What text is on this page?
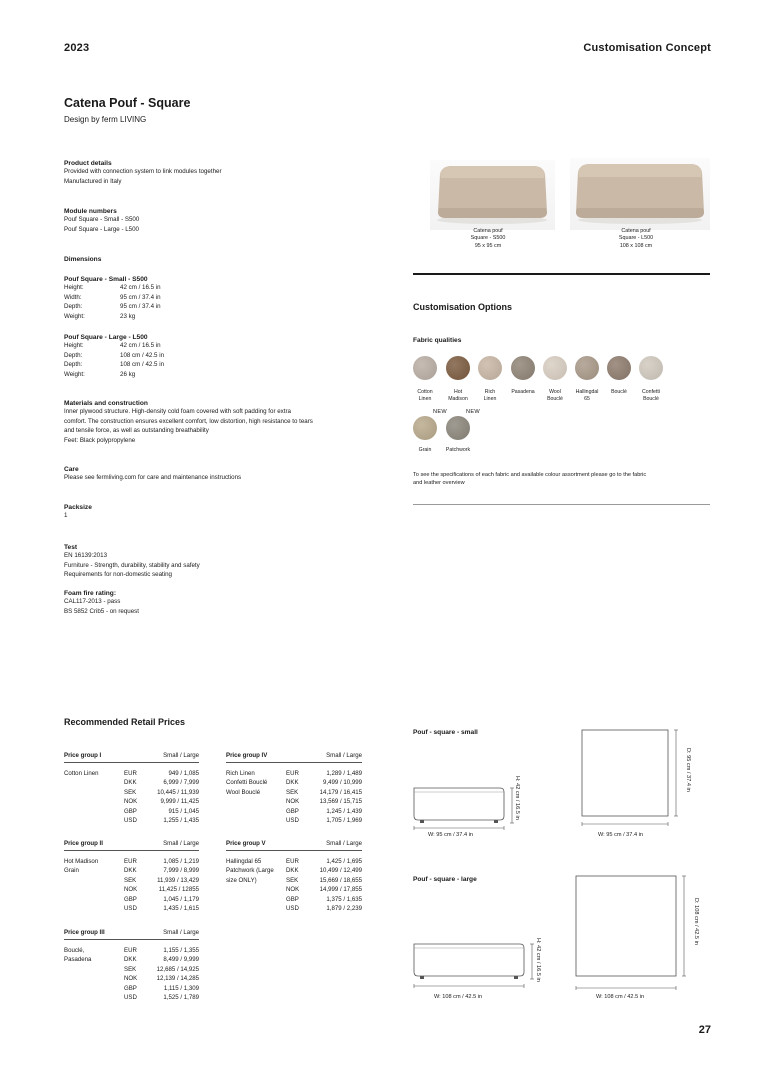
2023	Customisation Concept
Catena Pouf - Square
Design by ferm LIVING
Product details
Provided with connection system to link modules together
Manufactured in Italy
Module numbers
Pouf Square - Small - S500
Pouf Square - Large - L500
Dimensions
Pouf Square - Small - S500
Height:	42 cm / 16.5 in
Width:	95 cm / 37.4 in
Depth:	95 cm / 37.4 in
Weight:	23 kg
Pouf Square - Large - L500
Height:	42 cm / 16.5 in
Depth:	108 cm / 42.5 in
Depth:	108 cm / 42.5 in
Weight:	26 kg
Materials and construction
Inner plywood structure. High-density cold foam covered with soft padding for extra
comfort. The construction ensures excellent comfort, low distortion, high resistance to tears
and tensile force, as well as outstanding breathability
Feet: Black polypropylene
Care
Please see fermliving.com for care and maintenance instructions
Packsize
1
Test
EN 16139:2013
Furniture - Strength, durability, stability and safety
Requirements for non-domestic seating
Foam fire rating:
CAL117-2013 - pass
BS 5852 Crib5 - on request
Catena pouf
Square - S500
95 x 95 cm
Catena pouf
Square - L500
108 x 108 cm
Customisation Options
Fabric qualities
Cotton
Linen
Hot
Madison
Rich
Linen
Pasadena	Wool
Bouclé
Hallingdal
65
Bouclé	Confetti
Bouclé
NEW	NEW
Grain	Patchwork
To see the specifications of each fabric and available colour assortment please go to the fabric
and leather overview
Recommended Retail Prices
Price group I	Small / Large
Cotton Linen	EUR	949 / 1,085
DKK	6,999 / 7,999
SEK	10,445 / 11,939
NOK	9,999 / 11,425
GBP	915 / 1,045
USD	1,255 / 1,435
Price group IV	Small / Large
Rich Linen
Confetti Bouclé
Wool Bouclé
EUR	1,289 / 1,489
DKK	9,499 / 10,999
SEK	14,179 / 16,415
NOK	13,569 / 15,715
GBP	1,245 / 1,439
USD	1,705 / 1,969
Price group II	Small / Large
Hot Madison
Grain
EUR	1,085 / 1,219
DKK	7,999 / 8,999
SEK	11,939 / 13,429
NOK	11,425 / 12855
GBP	1,045 / 1,179
USD	1,435 / 1,615
Price group V	Small / Large
Hallingdal 65
Patchwork (Large
size ONLY)
EUR	1,425 / 1,695
DKK	10,499 / 12,499
SEK	15,669 / 18,655
NOK	14,999 / 17,855
GBP	1,375 / 1,635
USD	1,879 / 2,239
Price group III	Small / Large
Bouclé,
Pasadena
EUR	1,155 / 1,355
DKK	8,499 / 9,999
SEK	12,685 / 14,925
NOK	12,139 / 14,285
GBP	1,115 / 1,309
USD	1,525 / 1,789
Pouf - square - small
H: 42 cm / 16.5 in
W: 95 cm / 37.4 in
D: 95 cm / 37.4 in
W: 95 cm / 37.4 in
Pouf - square - large
H: 42 cm / 16.5 in
W: 108 cm / 42.5 in
D: 108 cm / 42.5 in
W: 108 cm / 42.5 in
27
